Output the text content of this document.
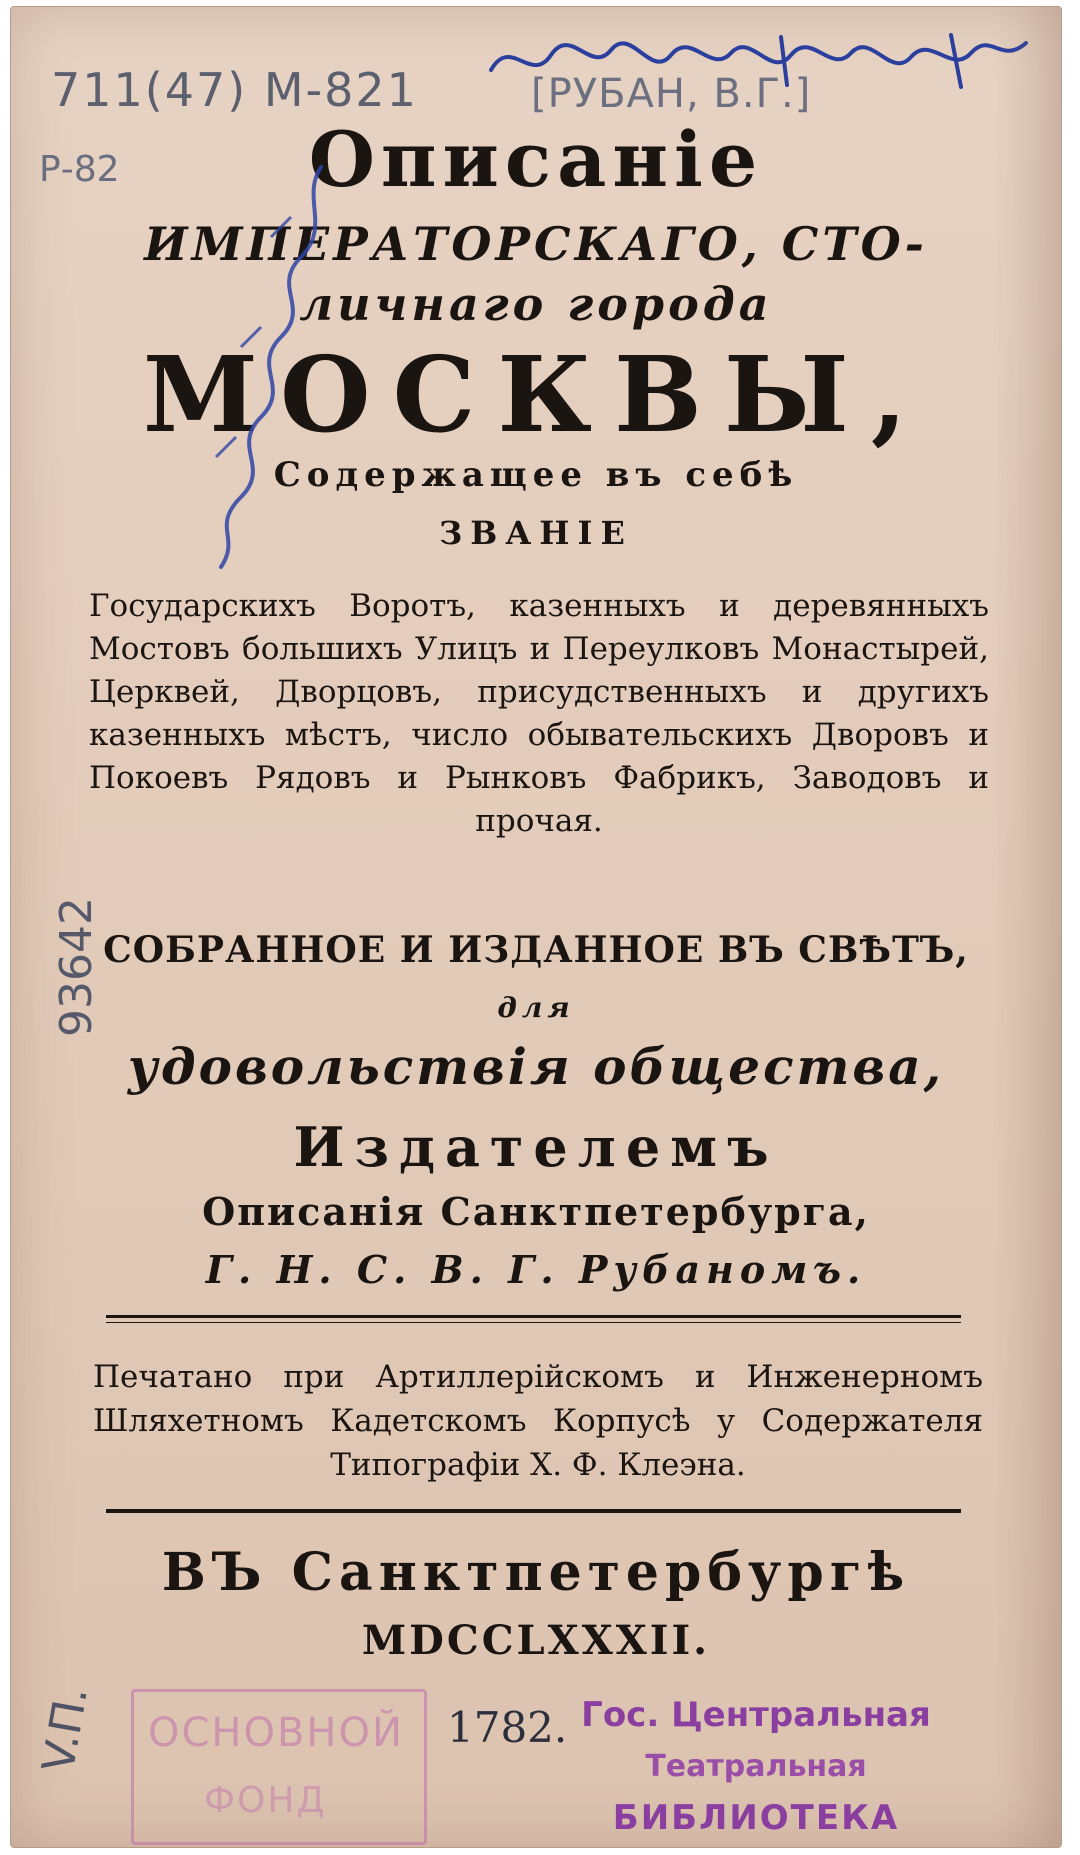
Описаніе
ИМПЕРАТОРСКАГО, СТО-
личнаго города
МОСКВЫ,
Содержащее въ себѣ
ЗВАНІЕ
Государскихъ Воротъ, казенныхъ и деревянныхъ Мостовъ большихъ Улицъ и Переулковъ Монастырей, Церквей, Дворцовъ, присудственныхъ и другихъ казенныхъ мѣстъ, число обывательскихъ Дворовъ и Покоевъ Рядовъ и Рынковъ Фабрикъ, Заводовъ и прочая.
СОБРАННОЕ И ИЗДАННОЕ ВЪ СВѢТЪ,
для
удовольствія общества,
Издателемъ
Описанія Санктпетербурга,
Г. Н. С. В. Г. Рубаномъ.
Печатано при Артиллерійскомъ и Инженерномъ Шляхетномъ Кадетскомъ Корпусѣ у Содержателя Типографіи Х. Ф. Клеэна.
ВЪ Санктпетербургѣ
MDCCLXXXII.
711(47) М-821
Р-82
[РУБАН, В.Г.]
93642
1782.
V.П. ОСНОВНОЙ
ФОНД
Гос. Центральная
Театральная
БИБЛИОТЕКА
